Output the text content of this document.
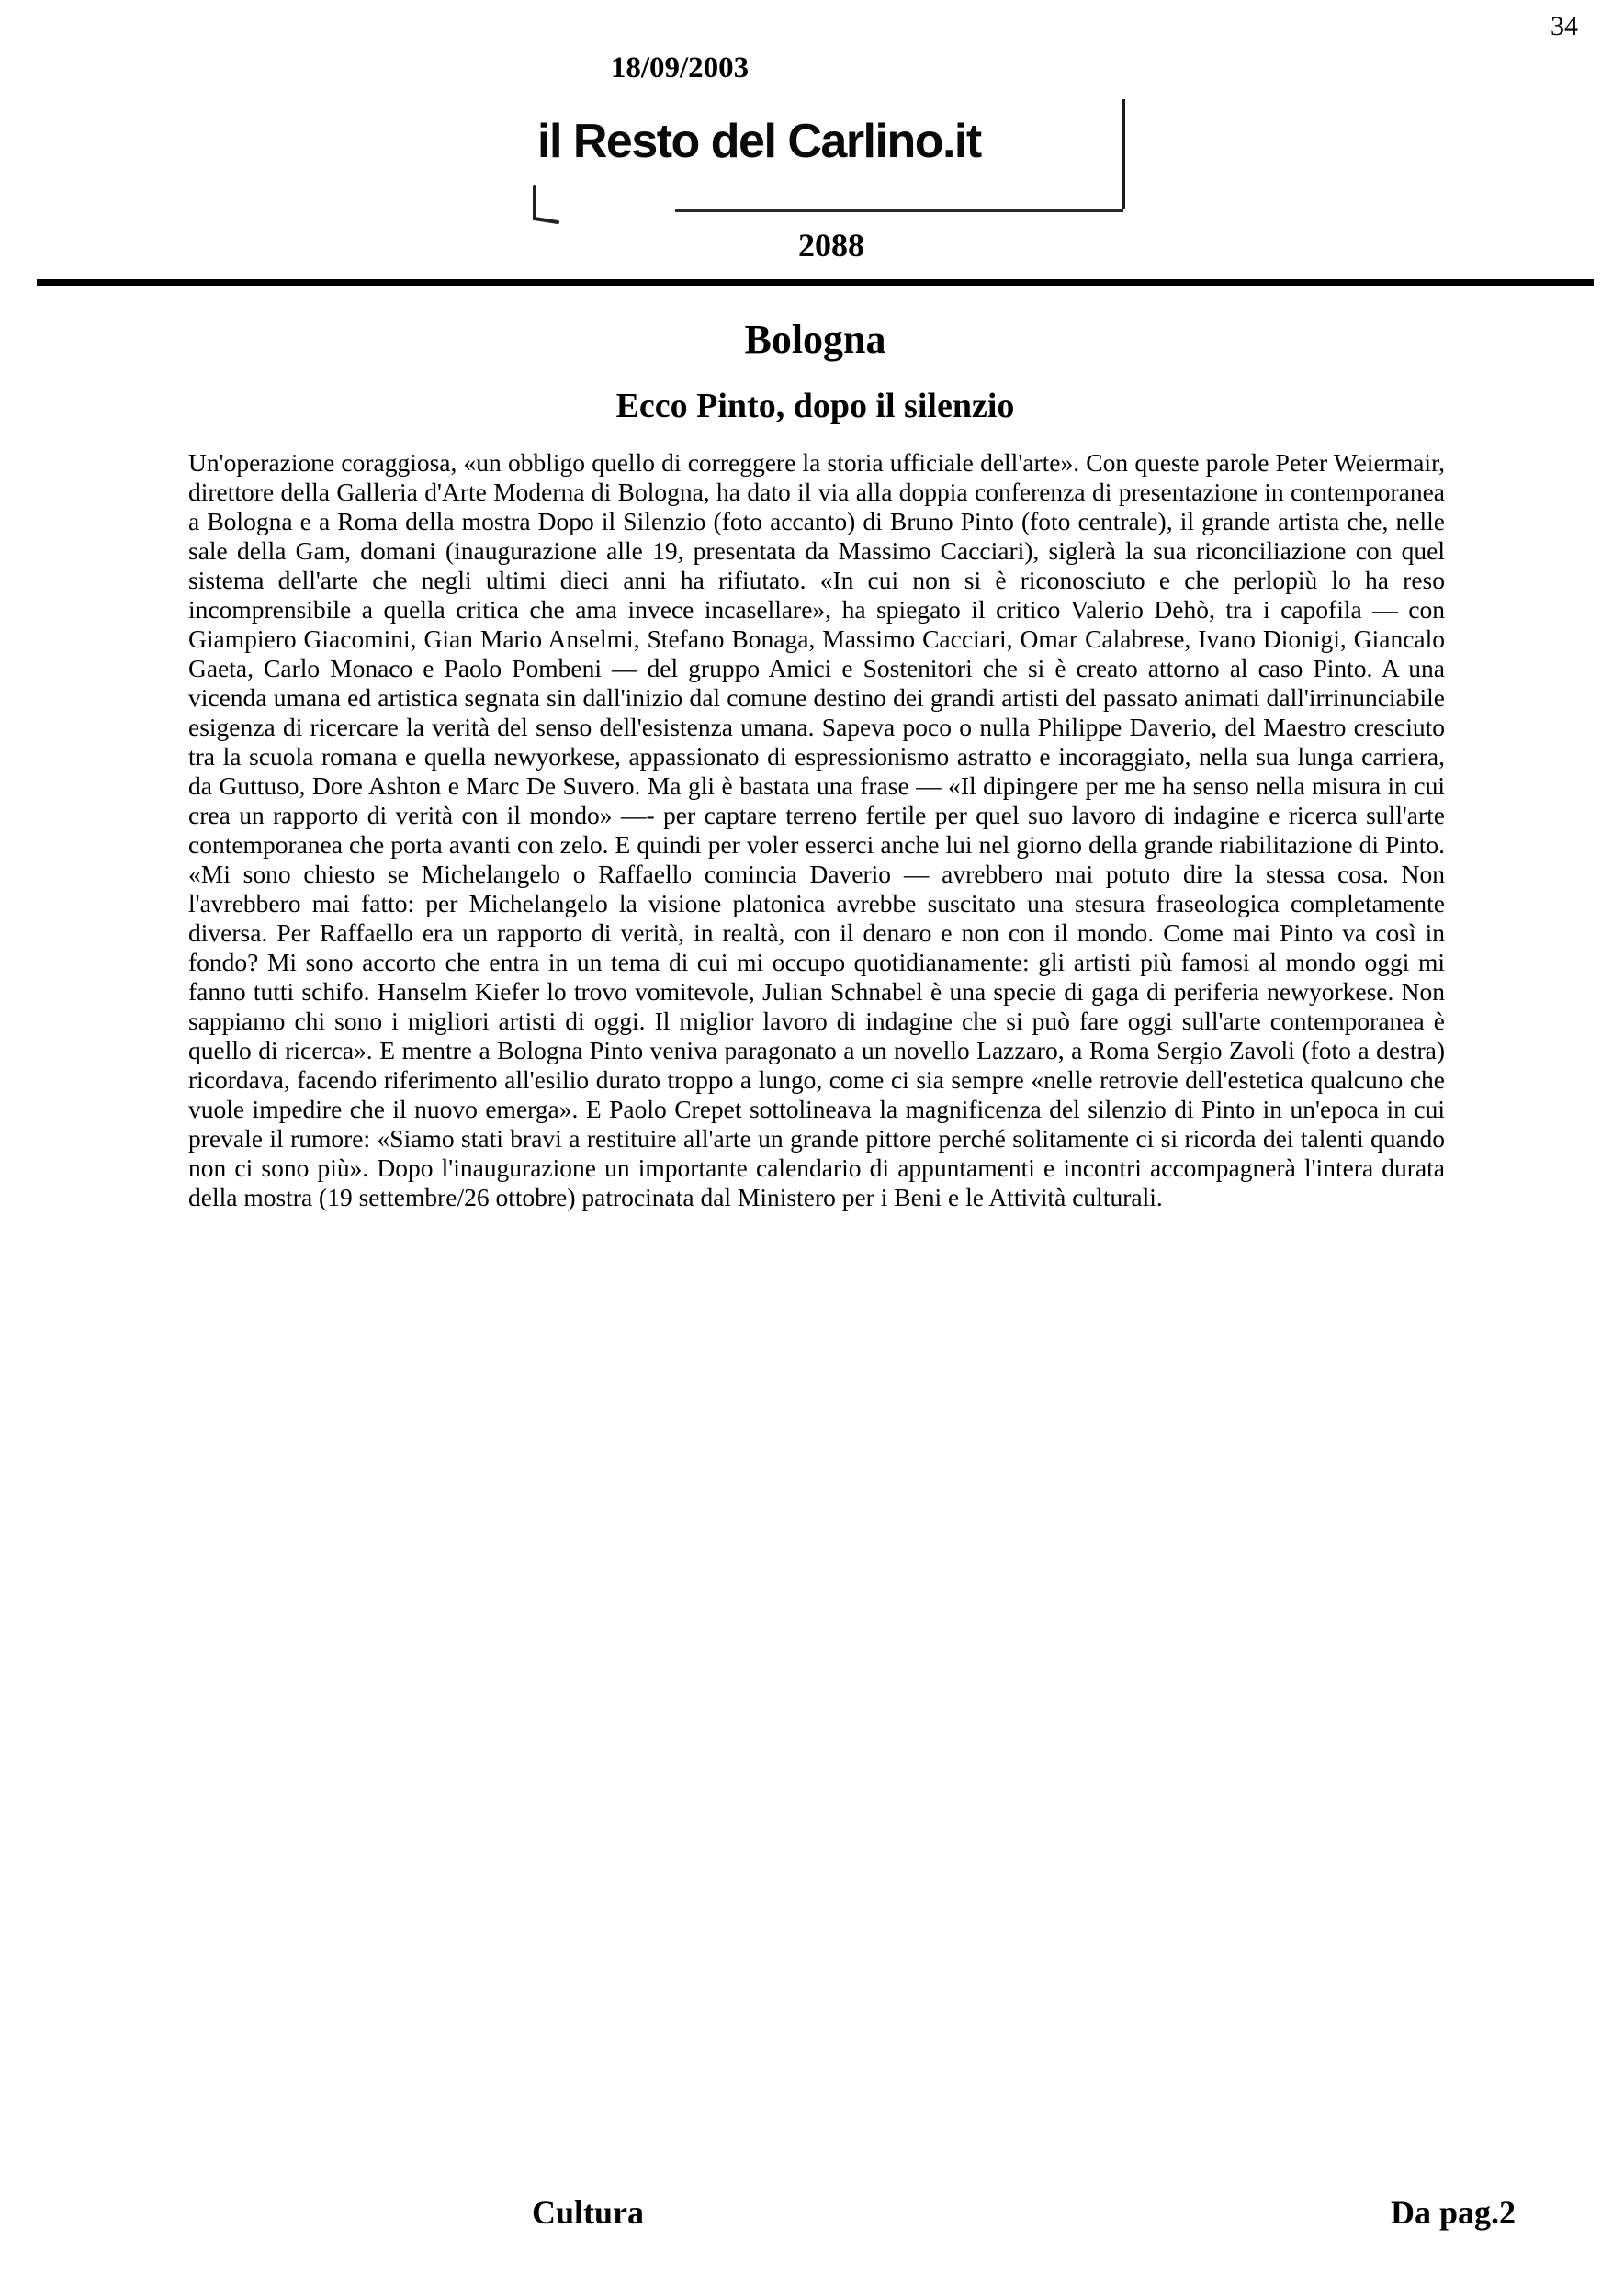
34
18/09/2003
il Resto del Carlino.it
2088
Bologna
Ecco Pinto, dopo il silenzio
Un'operazione coraggiosa, «un obbligo quello di correggere la storia ufficiale dell'arte». Con queste parole Peter Weiermair, direttore della Galleria d'Arte Moderna di Bologna, ha dato il via alla doppia conferenza di presentazione in contemporanea a Bologna e a Roma della mostra Dopo il Silenzio (foto accanto) di Bruno Pinto (foto centrale), il grande artista che, nelle sale della Gam, domani (inaugurazione alle 19, presentata da Massimo Cacciari), siglerà la sua riconciliazione con quel sistema dell'arte che negli ultimi dieci anni ha rifiutato. «In cui non si è riconosciuto e che perlopiù lo ha reso incomprensibile a quella critica che ama invece incasellare», ha spiegato il critico Valerio Dehò, tra i capofila — con Giampiero Giacomini, Gian Mario Anselmi, Stefano Bonaga, Massimo Cacciari, Omar Calabrese, Ivano Dionigi, Giancalo Gaeta, Carlo Monaco e Paolo Pombeni — del gruppo Amici e Sostenitori che si è creato attorno al caso Pinto. A una vicenda umana ed artistica segnata sin dall'inizio dal comune destino dei grandi artisti del passato animati dall'irrinunciabile esigenza di ricercare la verità del senso dell'esistenza umana. Sapeva poco o nulla Philippe Daverio, del Maestro cresciuto tra la scuola romana e quella newyorkese, appassionato di espressionismo astratto e incoraggiato, nella sua lunga carriera, da Guttuso, Dore Ashton e Marc De Suvero. Ma gli è bastata una frase — «Il dipingere per me ha senso nella misura in cui crea un rapporto di verità con il mondo» —- per captare terreno fertile per quel suo lavoro di indagine e ricerca sull'arte contemporanea che porta avanti con zelo. E quindi per voler esserci anche lui nel giorno della grande riabilitazione di Pinto. «Mi sono chiesto se Michelangelo o Raffaello comincia Daverio — avrebbero mai potuto dire la stessa cosa. Non l'avrebbero mai fatto: per Michelangelo la visione platonica avrebbe suscitato una stesura fraseologica completamente diversa. Per Raffaello era un rapporto di verità, in realtà, con il denaro e non con il mondo. Come mai Pinto va così in fondo? Mi sono accorto che entra in un tema di cui mi occupo quotidianamente: gli artisti più famosi al mondo oggi mi fanno tutti schifo. Hanselm Kiefer lo trovo vomitevole, Julian Schnabel è una specie di gaga di periferia newyorkese. Non sappiamo chi sono i migliori artisti di oggi. Il miglior lavoro di indagine che si può fare oggi sull'arte contemporanea è quello di ricerca». E mentre a Bologna Pinto veniva paragonato a un novello Lazzaro, a Roma Sergio Zavoli (foto a destra) ricordava, facendo riferimento all'esilio durato troppo a lungo, come ci sia sempre «nelle retrovie dell'estetica qualcuno che vuole impedire che il nuovo emerga». E Paolo Crepet sottolineava la magnificenza del silenzio di Pinto in un'epoca in cui prevale il rumore: «Siamo stati bravi a restituire all'arte un grande pittore perché solitamente ci si ricorda dei talenti quando non ci sono più». Dopo l'inaugurazione un importante calendario di appuntamenti e incontri accompagnerà l'intera durata della mostra (19 settembre/26 ottobre) patrocinata dal Ministero per i Beni e le Attività culturali.
Cultura	Da pag.2
